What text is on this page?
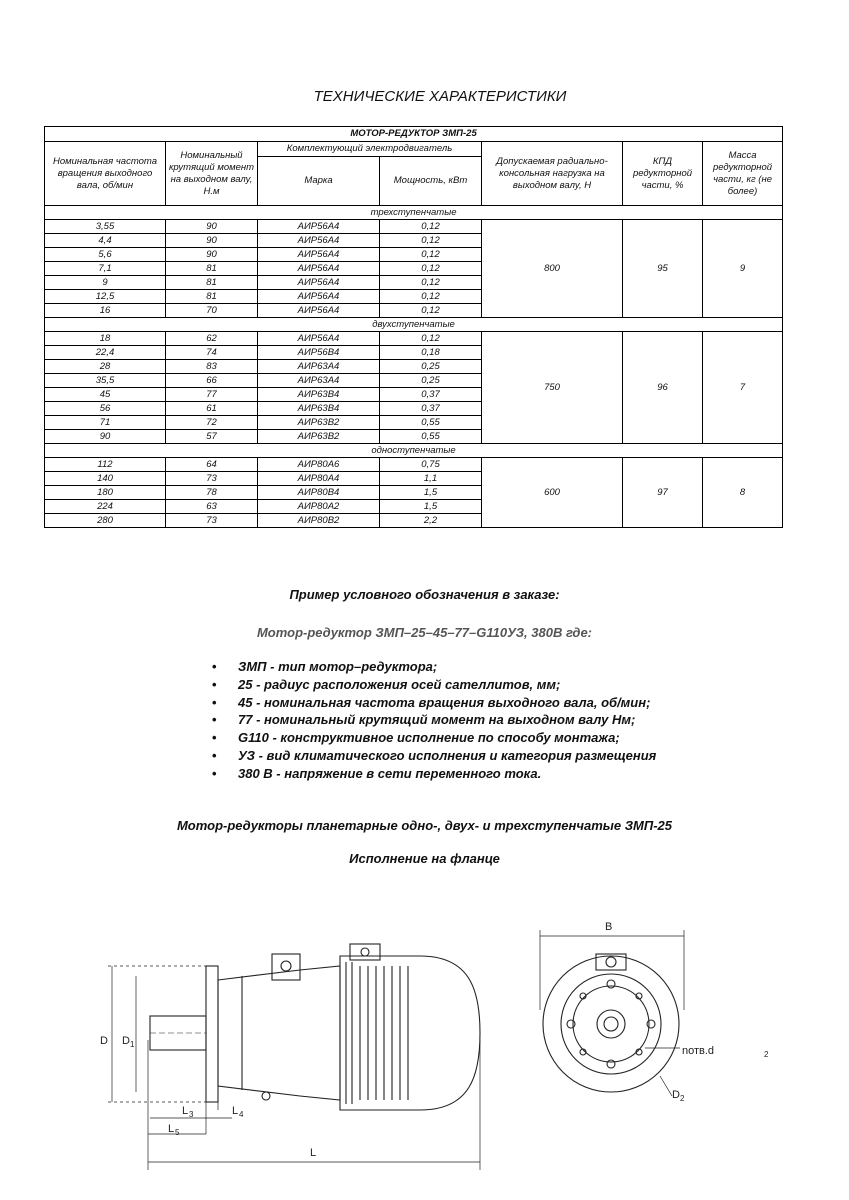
ТЕХНИЧЕСКИЕ ХАРАКТЕРИСТИКИ
МОТОР-РЕДУКТОР ЗМП-25						
Номинальная частота вращения выходного вала, об/мин	Номинальный крутящий момент на выходном валу, Н.м	Комплектующий электродвигатель		Допускаемая радиально-консольная нагрузка на выходном валу, Н	КПД редукторной части, %	Масса редукторной части, кг (не более)
		Марка	Мощность, кВт			
трехступенчатые						
3,55	90	АИР56А4	0,12	800	95	9
4,4	90	АИР56А4	0,12			
5,6	90	АИР56А4	0,12			
7,1	81	АИР56А4	0,12			
9	81	АИР56А4	0,12			
12,5	81	АИР56А4	0,12			
16	70	АИР56А4	0,12			
двухступенчатые						
18	62	АИР56А4	0,12	750	96	7
22,4	74	АИР56В4	0,18			
28	83	АИР63А4	0,25			
35,5	66	АИР63А4	0,25			
45	77	АИР63В4	0,37			
56	61	АИР63В4	0,37			
71	72	АИР63В2	0,55			
90	57	АИР63В2	0,55			
одноступенчатые						
112	64	АИР80А6	0,75	600	97	8
140	73	АИР80А4	1,1			
180	78	АИР80В4	1,5			
224	63	АИР80А2	1,5			
280	73	АИР80В2	2,2			
Пример условного обозначения в заказе:
Мотор-редуктор ЗМП–25–45–77–G110УЗ, 380В где:
• ЗМП - тип мотор–редуктора;
• 25 - радиус расположения осей сателлитов, мм;
• 45 - номинальная частота вращения выходного вала, об/мин;
• 77 - номинальный крутящий момент на выходном валу Нм;
• G110 - конструктивное исполнение по способу монтажа;
• УЗ - вид климатического исполнения и категория размещения
• 380 В - напряжение в сети переменного тока.
Мотор-редукторы планетарные одно-, двух- и трехступенчатые ЗМП-25
Исполнение на фланце
D D 1
L 3	L 4
L 5
L
B
nотв.d	2
D 2
